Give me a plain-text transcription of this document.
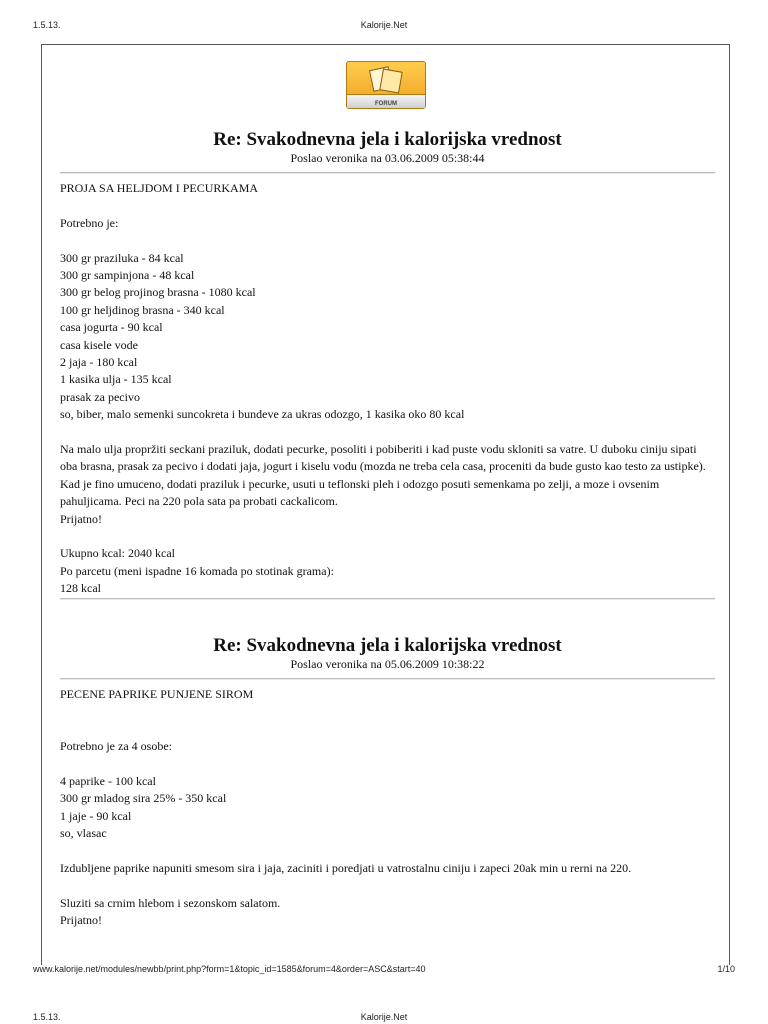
1.5.13.	Kalorije.Net
FORUM
Re: Svakodnevna jela i kalorijska vrednost
Poslao veronika na 03.06.2009 05:38:44
PROJA SA HELJDOM I PECURKAMA
Potrebno je:
300 gr praziluka - 84 kcal
300 gr sampinjona - 48 kcal
300 gr belog projinog brasna - 1080 kcal
100 gr heljdinog brasna - 340 kcal
casa jogurta - 90 kcal
casa kisele vode
2 jaja - 180 kcal
1 kasika ulja - 135 kcal
prasak za pecivo
so, biber, malo semenki suncokreta i bundeve za ukras odozgo, 1 kasika oko 80 kcal
Na malo ulja propržiti seckani praziluk, dodati pecurke, posoliti i pobiberiti i kad puste vodu skloniti sa vatre. U duboku ciniju sipati oba brasna, prasak za pecivo i dodati jaja, jogurt i kiselu vodu (mozda ne treba cela casa, proceniti da bude gusto kao testo za ustipke). Kad je fino umuceno, dodati praziluk i pecurke, usuti u teflonski pleh i odozgo posuti semenkama po zelji, a moze i ovsenim pahuljicama. Peci na 220 pola sata pa probati cackalicom.
Prijatno!
Ukupno kcal: 2040 kcal
Po parcetu (meni ispadne 16 komada po stotinak grama):
128 kcal
Re: Svakodnevna jela i kalorijska vrednost
Poslao veronika na 05.06.2009 10:38:22
PECENE PAPRIKE PUNJENE SIROM
Potrebno je za 4 osobe:
4 paprike - 100 kcal
300 gr mladog sira 25% - 350 kcal
1 jaje - 90 kcal
so, vlasac
Izdubljene paprike napuniti smesom sira i jaja, zaciniti i poredjati u vatrostalnu ciniju i zapeci 20ak min u rerni na 220.
Sluziti sa crnim hlebom i sezonskom salatom.
Prijatno!
www.kalorije.net/modules/newbb/print.php?form=1&topic_id=1585&forum=4&order=ASC&start=40	1/10
1.5.13.	Kalorije.Net
